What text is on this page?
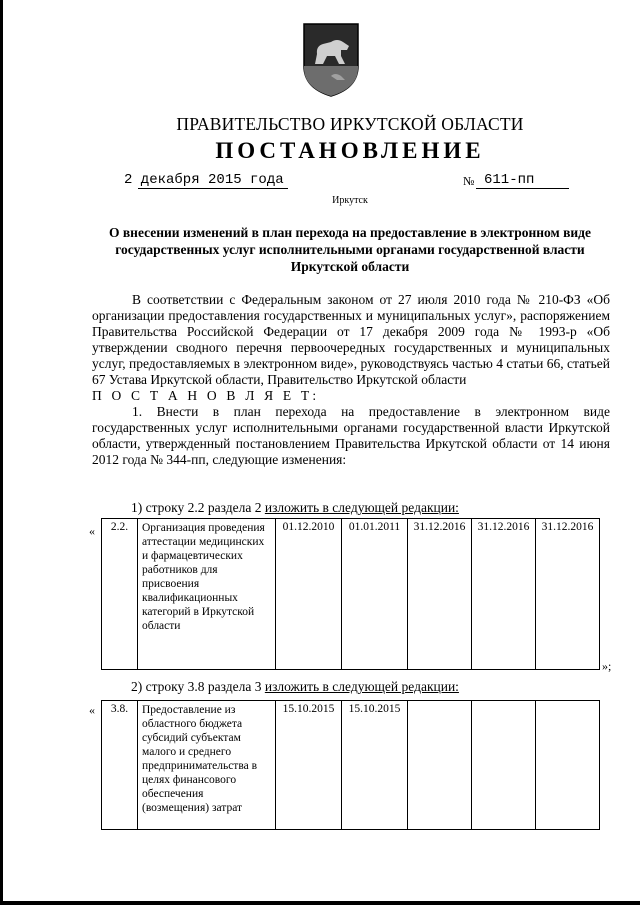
ПРАВИТЕЛЬСТВО ИРКУТСКОЙ ОБЛАСТИ
ПОСТАНОВЛЕНИЕ
2 декабря 2015 года	№ 611-пп
Иркутск
О внесении изменений в план перехода на предоставление в электронном виде государственных услуг исполнительными органами государственной власти Иркутской области

В соответствии с Федеральным законом от 27 июля 2010 года № 210-ФЗ «Об организации предоставления государственных и муниципальных услуг», распоряжением Правительства Российской Федерации от 17 декабря 2009 года № 1993-р «Об утверждении сводного перечня первоочередных государственных и муниципальных услуг, предоставляемых в электронном виде», руководствуясь частью 4 статьи 66, статьей 67 Устава Иркутской области, Правительство Иркутской области

П О С Т А Н О В Л Я Е Т:

1. Внести в план перехода на предоставление в электронном виде государственных услуг исполнительными органами государственной власти Иркутской области, утвержденный постановлением Правительства Иркутской области от 14 июня 2012 года № 344-пп, следующие изменения:

1) строку 2.2 раздела 2 изложить в следующей редакции:
« 2.2.	Организация проведения аттестации медицинских и фармацевтических работников для присвоения квалификационных категорий в Иркутской области	01.12.2010	01.01.2011	31.12.2016	31.12.2016	31.12.2016
»;
2) строку 3.8 раздела 3 изложить в следующей редакции:
« 3.8.	Предоставление из областного бюджета субсидий субъектам малого и среднего предпринимательства в целях финансового обеспечения (возмещения) затрат	15.10.2015	15.10.2015			
